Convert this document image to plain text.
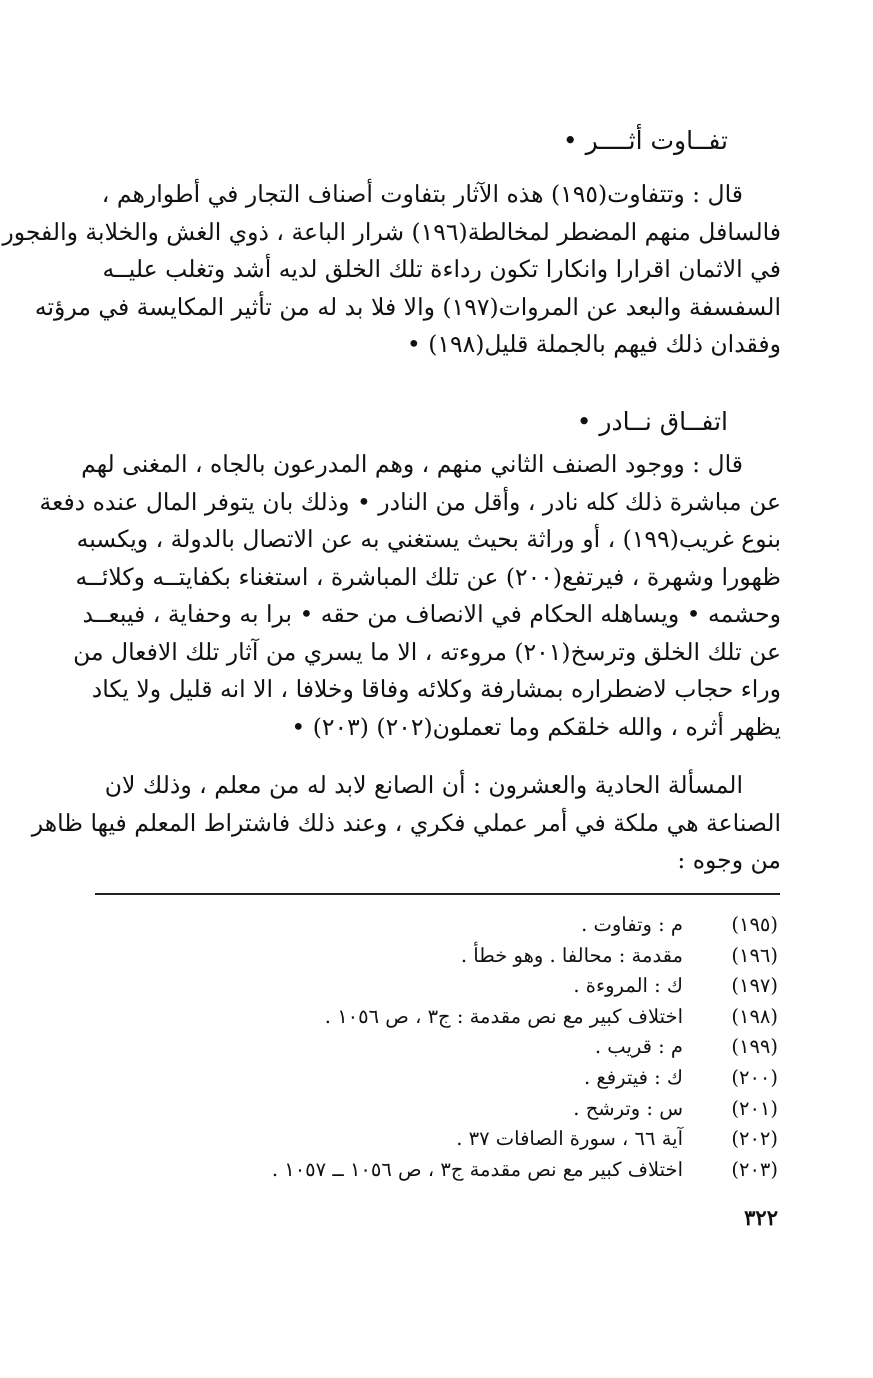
تفــاوت أثــــر •
قال : وتتفاوت(١٩٥) هذه الآثار بتفاوت أصناف التجار في أطوارهم ،
فالسافل منهم المضطر لمخالطة(١٩٦) شرار الباعة ، ذوي الغش والخلابة والفجور
في الاثمان اقرارا وانكارا تكون رداءة تلك الخلق لديه أشد وتغلب عليــه
السفسفة والبعد عن المروات(١٩٧) والا فلا بد له من تأثير المكايسة في مرؤته
وفقدان ذلك فيهم بالجملة قليل(١٩٨) •
اتفــاق نــادر •
قال : ووجود الصنف الثاني منهم ، وهم المدرعون بالجاه ، المغنى لهم
عن مباشرة ذلك كله نادر ، وأقل من النادر • وذلك بان يتوفر المال عنده دفعة
بنوع غريب(١٩٩) ، أو وراثة بحيث يستغني به عن الاتصال بالدولة ، ويكسبه
ظهورا وشهرة ، فيرتفع(٢٠٠) عن تلك المباشرة ، استغناء بكفايتــه وكلائــه
وحشمه • ويساهله الحكام في الانصاف من حقه • برا به وحفاية ، فيبعــد
عن تلك الخلق وترسخ(٢٠١) مروءته ، الا ما يسري من آثار تلك الافعال من
وراء حجاب لاضطراره بمشارفة وكلائه وفاقا وخلافا ، الا انه قليل ولا يكاد
يظهر أثره ، والله خلقكم وما تعملون(٢٠٢) (٢٠٣) •
المسألة الحادية والعشرون : أن الصانع لابد له من معلم ، وذلك لان
الصناعة هي ملكة في أمر عملي فكري ، وعند ذلك فاشتراط المعلم فيها ظاهر
من وجوه :
(١٩٥)
م : وتفاوت .
(١٩٦)
مقدمة : محالفا . وهو خطأ .
(١٩٧)
ك : المروءة .
(١٩٨)
اختلاف كبير مع نص مقدمة : ج٣ ، ص ١٠٥٦ .
(١٩٩)
م : قريب .
(٢٠٠)
ك : فيترفع .
(٢٠١)
س : وترشح .
(٢٠٢)
آية ٦٦ ، سورة الصافات ٣٧ .
(٢٠٣)
اختلاف كبير مع نص مقدمة ج٣ ، ص ١٠٥٦ ــ ١٠٥٧ .
٣٢٢
